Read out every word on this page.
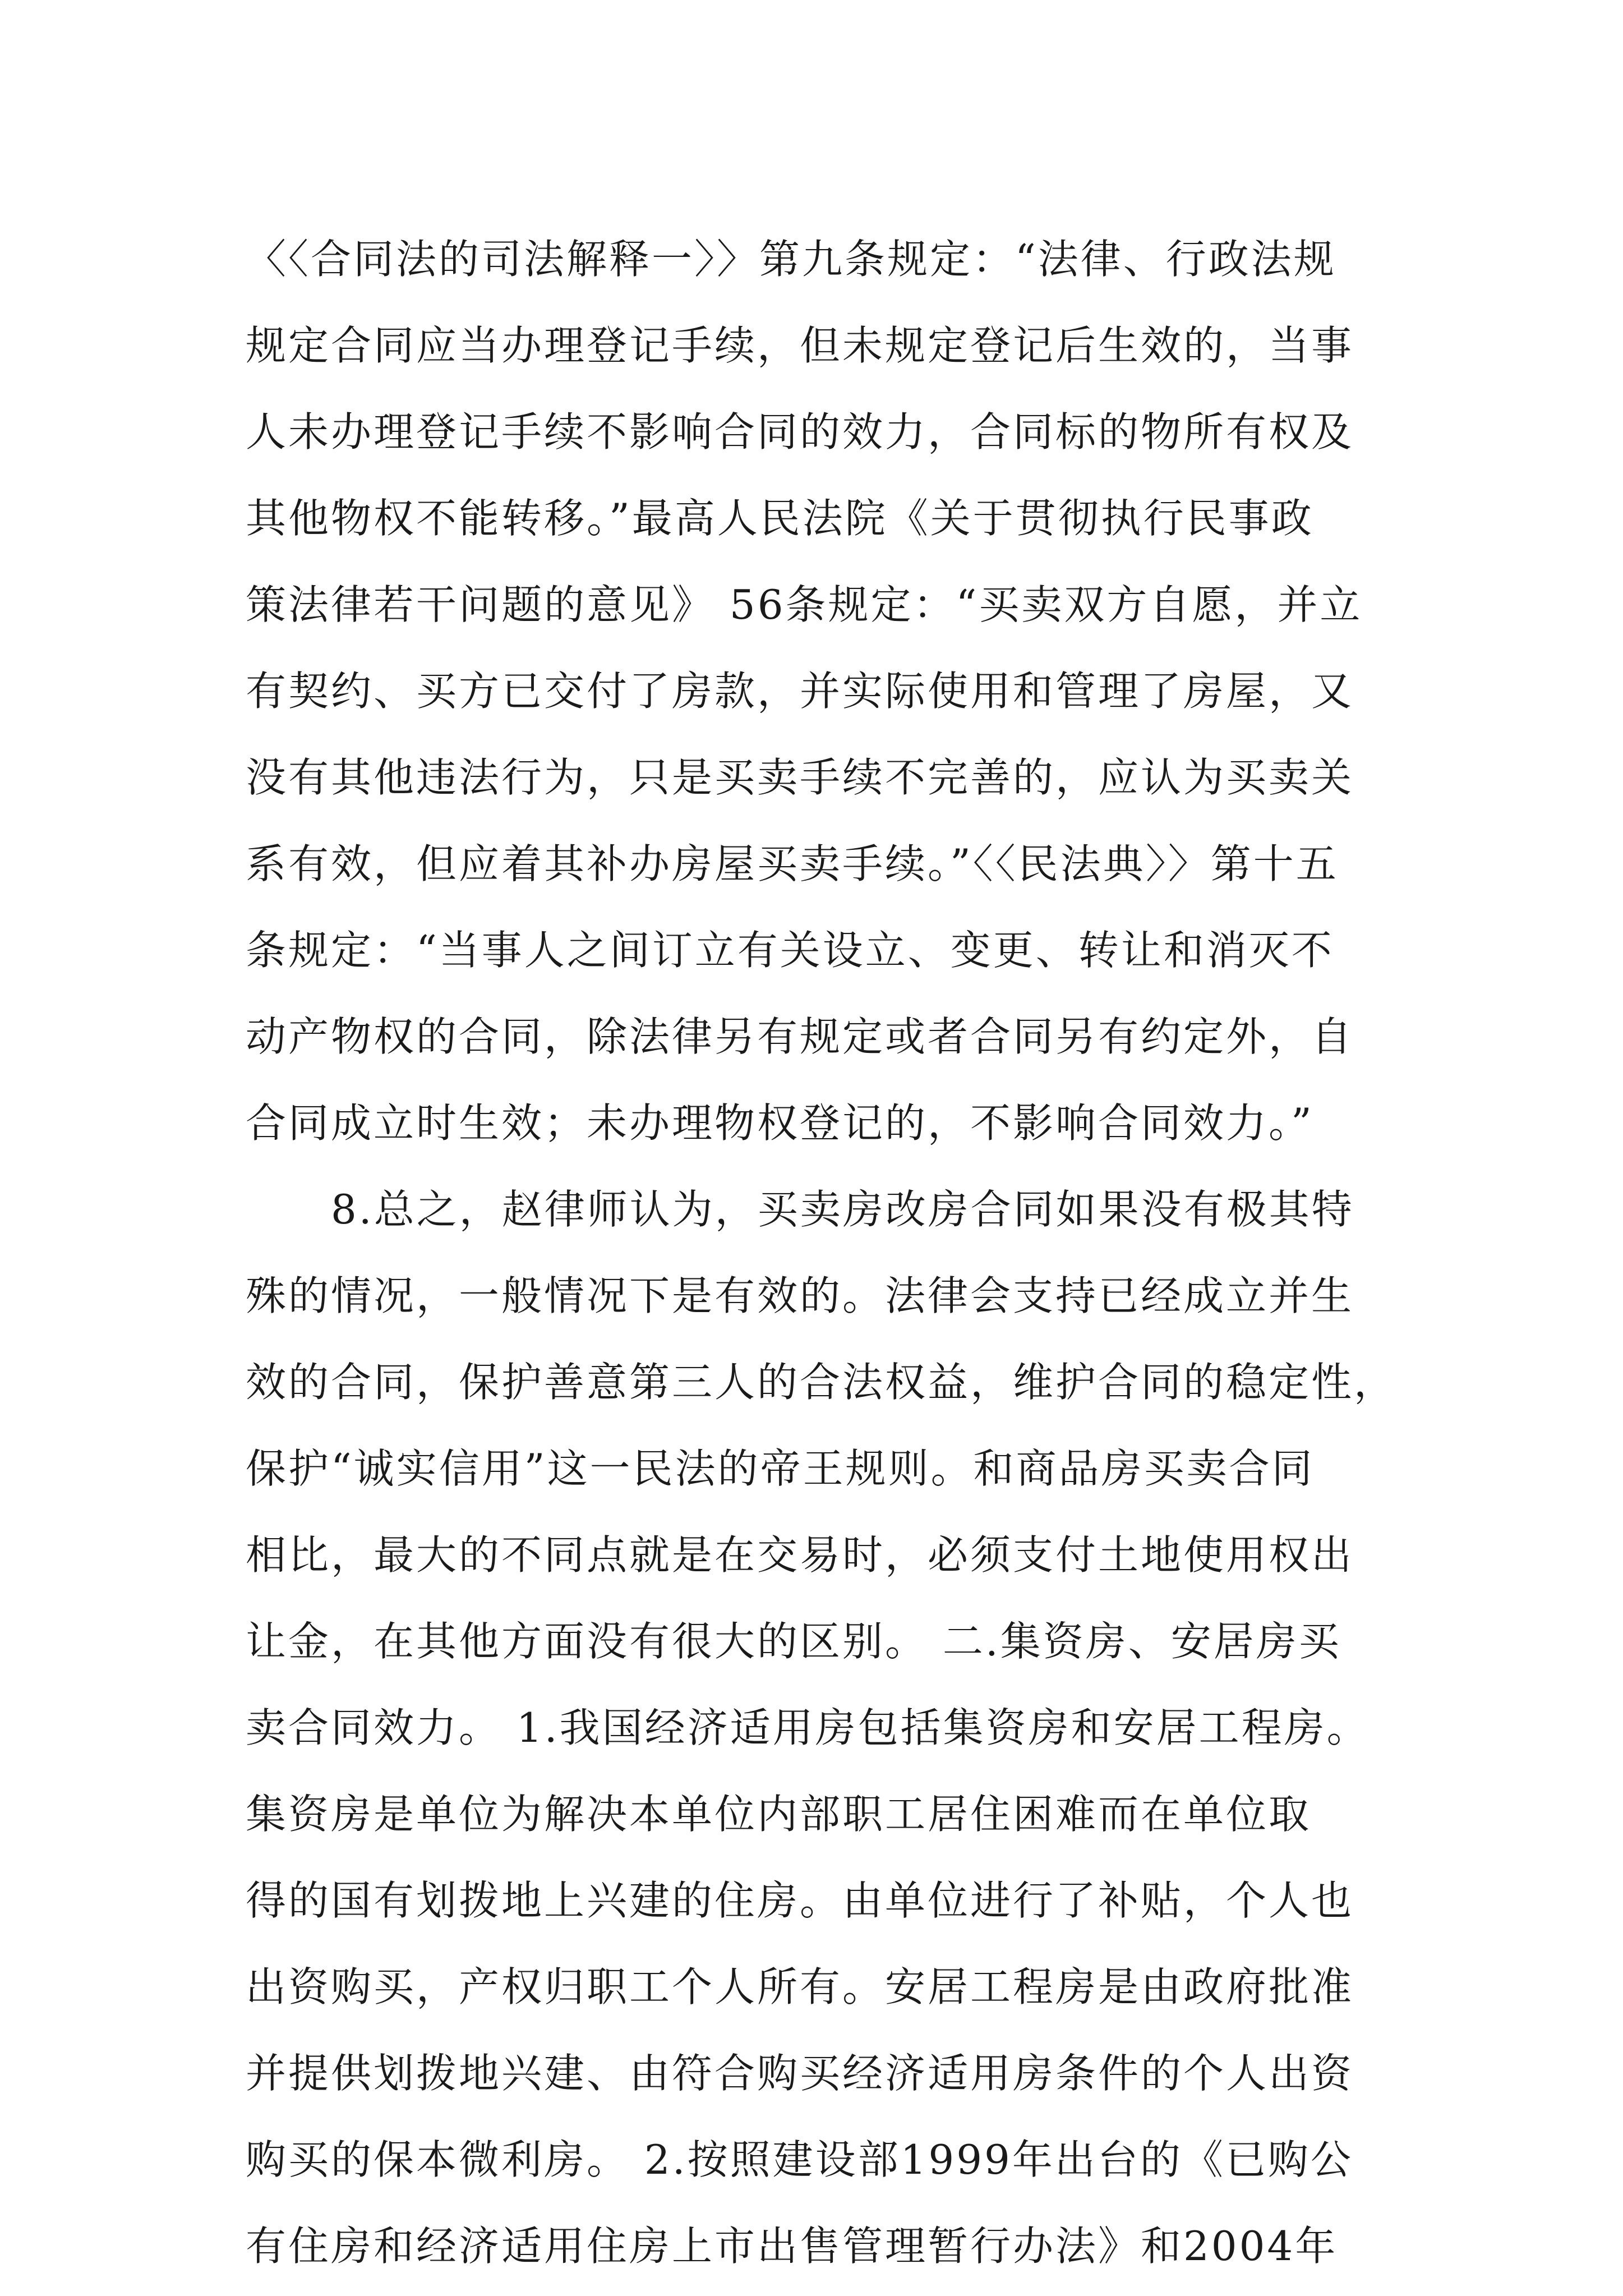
〈〈合同法的司法解释一〉〉第九条规定：“法律、行政法规
规定合同应当办理登记手续，但未规定登记后生效的，当事
人未办理登记手续不影响合同的效力，合同标的物所有权及
其他物权不能转移。”最高人民法院《关于贯彻执行民事政
策法律若干问题的意见》 56条规定：“买卖双方自愿，并立
有契约、买方已交付了房款，并实际使用和管理了房屋，又
没有其他违法行为，只是买卖手续不完善的，应认为买卖关
系有效，但应着其补办房屋买卖手续。”〈〈民法典〉〉第十五
条规定：“当事人之间订立有关设立、变更、转让和消灭不
动产物权的合同，除法律另有规定或者合同另有约定外，自
合同成立时生效；未办理物权登记的，不影响合同效力。”
8.总之，赵律师认为，买卖房改房合同如果没有极其特
殊的情况，一般情况下是有效的。法律会支持已经成立并生
效的合同，保护善意第三人的合法权益，维护合同的稳定性，
保护“诚实信用”这一民法的帝王规则。和商品房买卖合同
相比，最大的不同点就是在交易时，必须支付土地使用权出
让金，在其他方面没有很大的区别。 二.集资房、安居房买
卖合同效力。 1.我国经济适用房包括集资房和安居工程房。
集资房是单位为解决本单位内部职工居住困难而在单位取
得的国有划拨地上兴建的住房。由单位进行了补贴，个人也
出资购买，产权归职工个人所有。安居工程房是由政府批准
并提供划拨地兴建、由符合购买经济适用房条件的个人出资
购买的保本微利房。 2.按照建设部1999年出台的《已购公
有住房和经济适用住房上市出售管理暂行办法》和2004年
